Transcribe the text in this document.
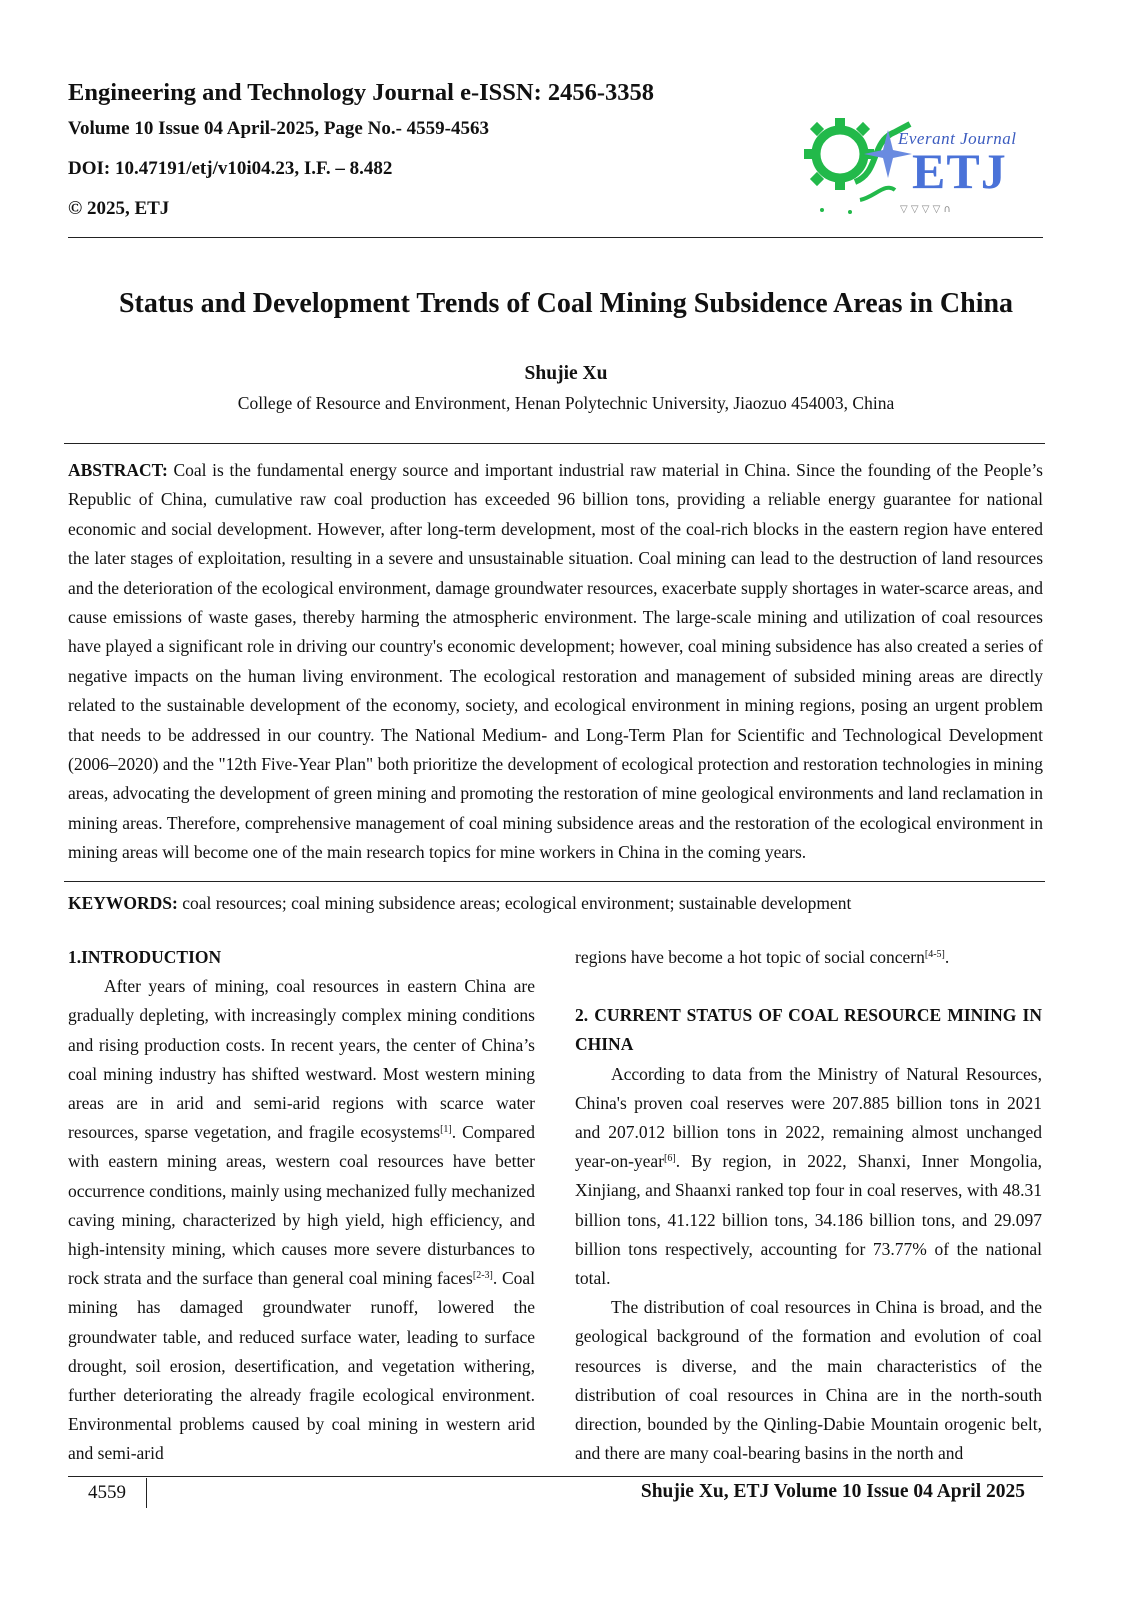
Engineering and Technology Journal e-ISSN: 2456-3358
Volume 10 Issue 04 April-2025, Page No.- 4559-4563
DOI: 10.47191/etj/v10i04.23, I.F. – 8.482
© 2025, ETJ	▽ ▽ ▽ ▽ ∩
Everant Journal
ETJ
Status and Development Trends of Coal Mining Subsidence Areas in China
Shujie Xu
College of Resource and Environment, Henan Polytechnic University, Jiaozuo 454003, China

ABSTRACT: Coal is the fundamental energy source and important industrial raw material in China. Since the founding of the People’s Republic of China, cumulative raw coal production has exceeded 96 billion tons, providing a reliable energy guarantee for national economic and social development. However, after long-term development, most of the coal-rich blocks in the eastern region have entered the later stages of exploitation, resulting in a severe and unsustainable situation. Coal mining can lead to the destruction of land resources and the deterioration of the ecological environment, damage groundwater resources, exacerbate supply shortages in water-scarce areas, and cause emissions of waste gases, thereby harming the atmospheric environment. The large-scale mining and utilization of coal resources have played a significant role in driving our country's economic development; however, coal mining subsidence has also created a series of negative impacts on the human living environment. The ecological restoration and management of subsided mining areas are directly related to the sustainable development of the economy, society, and ecological environment in mining regions, posing an urgent problem that needs to be addressed in our country. The National Medium- and Long-Term Plan for Scientific and Technological Development (2006–2020) and the "12th Five-Year Plan" both prioritize the development of ecological protection and restoration technologies in mining areas, advocating the development of green mining and promoting the restoration of mine geological environments and land reclamation in mining areas. Therefore, comprehensive management of coal mining subsidence areas and the restoration of the ecological environment in mining areas will become one of the main research topics for mine workers in China in the coming years.

KEYWORDS: coal resources; coal mining subsidence areas; ecological environment; sustainable development

1.INTRODUCTION

After years of mining, coal resources in eastern China are gradually depleting, with increasingly complex mining conditions and rising production costs. In recent years, the center of China’s coal mining industry has shifted westward. Most western mining areas are in arid and semi-arid regions with scarce water resources, sparse vegetation, and fragile ecosystems[1]. Compared with eastern mining areas, western coal resources have better occurrence conditions, mainly using mechanized fully mechanized caving mining, characterized by high yield, high efficiency, and high-intensity mining, which causes more severe disturbances to rock strata and the surface than general coal mining faces[2-3]. Coal mining has damaged groundwater runoff, lowered the groundwater table, and reduced surface water, leading to surface drought, soil erosion, desertification, and vegetation withering, further deteriorating the already fragile ecological environment. Environmental problems caused by coal mining in western arid and semi-arid

regions have become a hot topic of social concern[4-5].

2. CURRENT STATUS OF COAL RESOURCE MINING IN CHINA

According to data from the Ministry of Natural Resources, China's proven coal reserves were 207.885 billion tons in 2021 and 207.012 billion tons in 2022, remaining almost unchanged year-on-year[6]. By region, in 2022, Shanxi, Inner Mongolia, Xinjiang, and Shaanxi ranked top four in coal reserves, with 48.31 billion tons, 41.122 billion tons, 34.186 billion tons, and 29.097 billion tons respectively, accounting for 73.77% of the national total.

The distribution of coal resources in China is broad, and the geological background of the formation and evolution of coal resources is diverse, and the main characteristics of the distribution of coal resources in China are in the north-south direction, bounded by the Qinling-Dabie Mountain orogenic belt, and there are many coal-bearing basins in the north and

4559	Shujie Xu, ETJ Volume 10 Issue 04 April 2025
